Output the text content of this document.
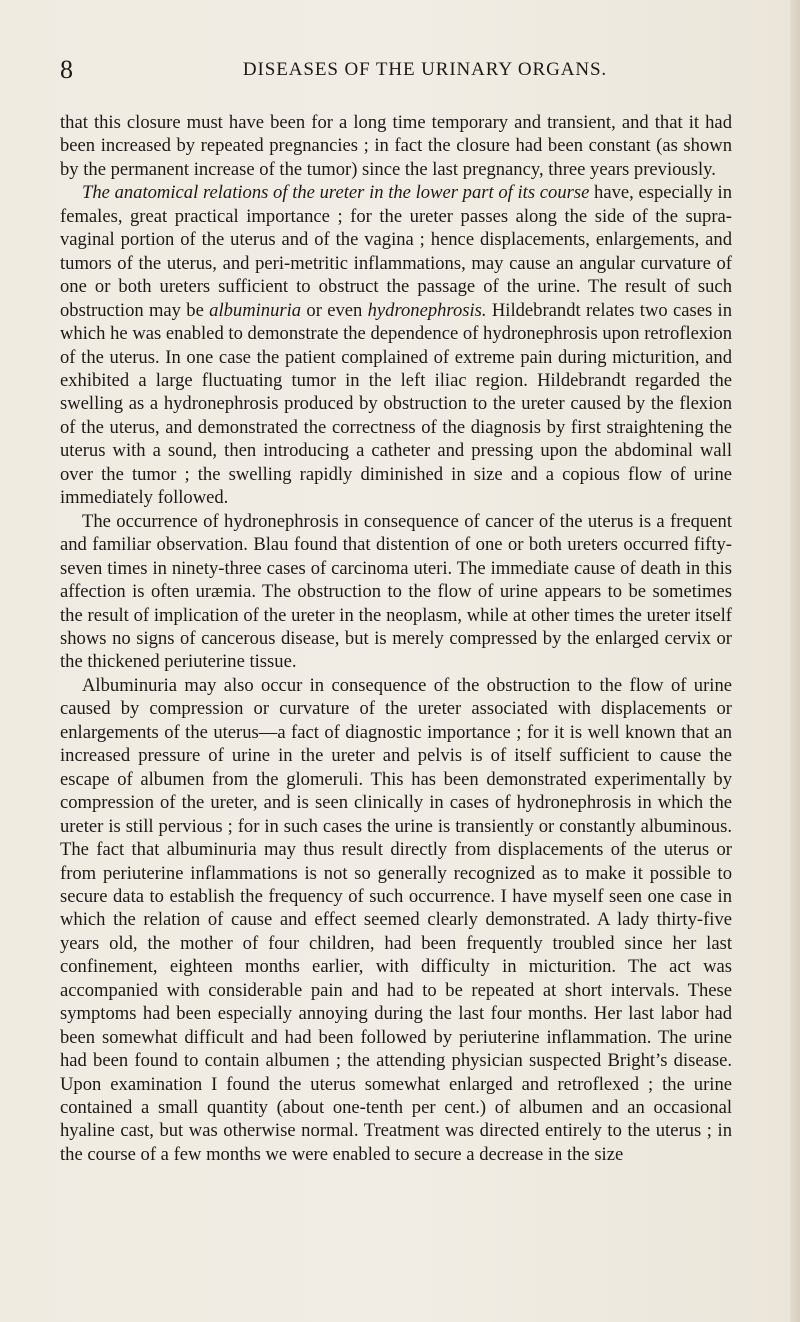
8	DISEASES OF THE URINARY ORGANS.

that this closure must have been for a long time temporary and transient, and that it had been increased by repeated pregnancies ; in fact the closure had been constant (as shown by the permanent increase of the tumor) since the last pregnancy, three years previously.

The anatomical relations of the ureter in the lower part of its course have, especially in females, great practical importance ; for the ureter passes along the side of the supra-vaginal portion of the uterus and of the vagina ; hence displacements, enlargements, and tumors of the uterus, and peri-metritic inflammations, may cause an angular curvature of one or both ureters sufficient to obstruct the passage of the urine. The result of such obstruction may be albuminuria or even hydronephrosis. Hildebrandt relates two cases in which he was enabled to demonstrate the dependence of hydronephrosis upon retroflexion of the uterus. In one case the patient complained of extreme pain during micturition, and exhibited a large fluctuating tumor in the left iliac region. Hildebrandt regarded the swelling as a hydronephrosis produced by obstruction to the ureter caused by the flexion of the uterus, and demonstrated the correctness of the diagnosis by first straightening the uterus with a sound, then introducing a catheter and pressing upon the abdominal wall over the tumor ; the swelling rapidly diminished in size and a copious flow of urine immediately followed.

The occurrence of hydronephrosis in consequence of cancer of the uterus is a frequent and familiar observation. Blau found that distention of one or both ureters occurred fifty-seven times in ninety-three cases of carcinoma uteri. The immediate cause of death in this affection is often uræmia. The obstruction to the flow of urine appears to be sometimes the result of implication of the ureter in the neoplasm, while at other times the ureter itself shows no signs of cancerous disease, but is merely compressed by the enlarged cervix or the thickened periuterine tissue.

Albuminuria may also occur in consequence of the obstruction to the flow of urine caused by compression or curvature of the ureter associated with displacements or enlargements of the uterus—a fact of diagnostic importance ; for it is well known that an increased pressure of urine in the ureter and pelvis is of itself sufficient to cause the escape of albumen from the glomeruli. This has been demonstrated experimentally by compression of the ureter, and is seen clinically in cases of hydronephrosis in which the ureter is still pervious ; for in such cases the urine is transiently or constantly albuminous. The fact that albuminuria may thus result directly from displacements of the uterus or from periuterine inflammations is not so generally recognized as to make it possible to secure data to establish the frequency of such occurrence. I have myself seen one case in which the relation of cause and effect seemed clearly demonstrated. A lady thirty-five years old, the mother of four children, had been frequently troubled since her last confinement, eighteen months earlier, with difficulty in micturition. The act was accompanied with considerable pain and had to be repeated at short intervals. These symptoms had been especially annoying during the last four months. Her last labor had been somewhat difficult and had been followed by periuterine inflammation. The urine had been found to contain albumen ; the attending physician suspected Bright’s disease. Upon examination I found the uterus somewhat enlarged and retroflexed ; the urine contained a small quantity (about one-tenth per cent.) of albumen and an occasional hyaline cast, but was otherwise normal. Treatment was directed entirely to the uterus ; in the course of a few months we were enabled to secure a decrease in the size
